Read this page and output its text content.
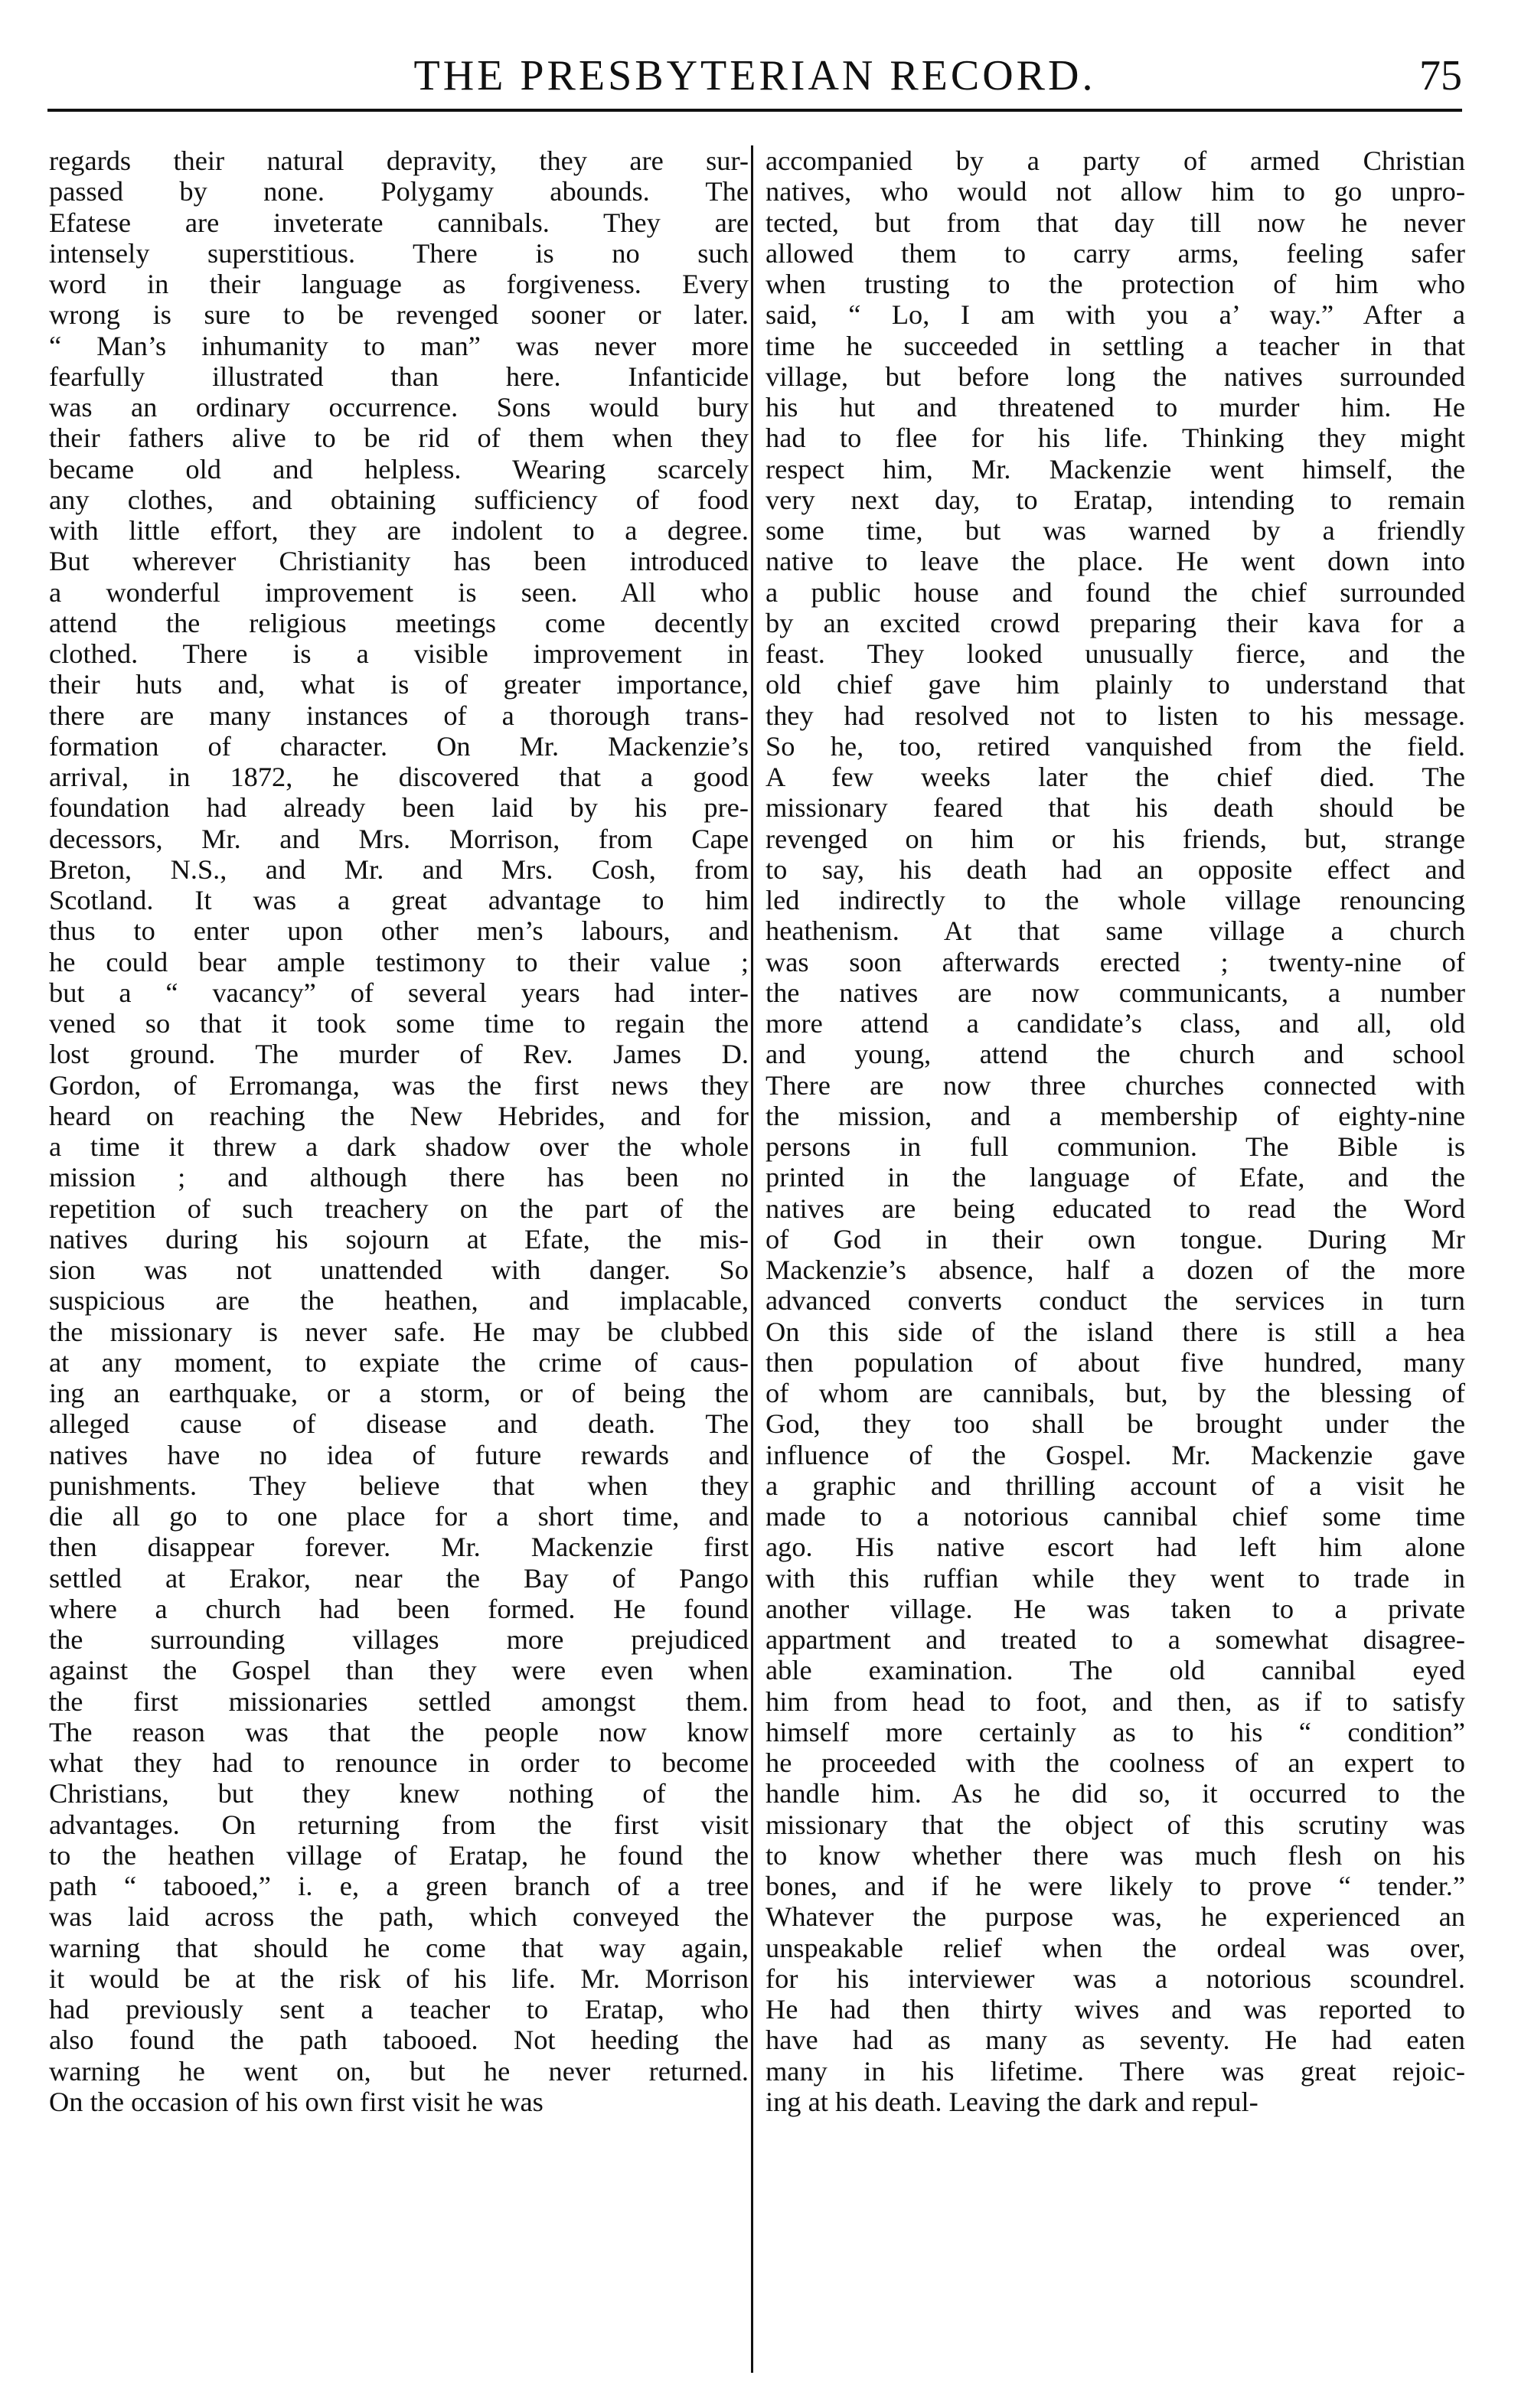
THE PRESBYTERIAN RECORD.	75
regards their natural depravity, they are sur-
passed by none. Polygamy abounds. The
Efatese are inveterate cannibals. They are
intensely superstitious. There is no such
word in their language as forgiveness. Every
wrong is sure to be revenged sooner or later.
“ Man’s inhumanity to man” was never more
fearfully illustrated than here. Infanticide
was an ordinary occurrence. Sons would bury
their fathers alive to be rid of them when they
became old and helpless. Wearing scarcely
any clothes, and obtaining sufficiency of food
with little effort, they are indolent to a degree.
But wherever Christianity has been introduced
a wonderful improvement is seen. All who
attend the religious meetings come decently
clothed. There is a visible improvement in
their huts and, what is of greater importance,
there are many instances of a thorough trans-
formation of character. On Mr. Mackenzie’s
arrival, in 1872, he discovered that a good
foundation had already been laid by his pre-
decessors, Mr. and Mrs. Morrison, from Cape
Breton, N.S., and Mr. and Mrs. Cosh, from
Scotland. It was a great advantage to him
thus to enter upon other men’s labours, and
he could bear ample testimony to their value ;
but a “ vacancy” of several years had inter-
vened so that it took some time to regain the
lost ground. The murder of Rev. James D.
Gordon, of Erromanga, was the first news they
heard on reaching the New Hebrides, and for
a time it threw a dark shadow over the whole
mission ; and although there has been no
repetition of such treachery on the part of the
natives during his sojourn at Efate, the mis-
sion was not unattended with danger. So
suspicious are the heathen, and implacable,
the missionary is never safe. He may be clubbed
at any moment, to expiate the crime of caus-
ing an earthquake, or a storm, or of being the
alleged cause of disease and death. The
natives have no idea of future rewards and
punishments. They believe that when they
die all go to one place for a short time, and
then disappear forever. Mr. Mackenzie first
settled at Erakor, near the Bay of Pango
where a church had been formed. He found
the surrounding villages more prejudiced
against the Gospel than they were even when
the first missionaries settled amongst them.
The reason was that the people now know
what they had to renounce in order to become
Christians, but they knew nothing of the
advantages. On returning from the first visit
to the heathen village of Eratap, he found the
path “ tabooed,” i. e, a green branch of a tree
was laid across the path, which conveyed the
warning that should he come that way again,
it would be at the risk of his life. Mr. Morrison
had previously sent a teacher to Eratap, who
also found the path tabooed. Not heeding the
warning he went on, but he never returned.
On the occasion of his own first visit he was
accompanied by a party of armed Christian
natives, who would not allow him to go unpro-
tected, but from that day till now he never
allowed them to carry arms, feeling safer
when trusting to the protection of him who
said, “ Lo, I am with you a’ way.” After a
time he succeeded in settling a teacher in that
village, but before long the natives surrounded
his hut and threatened to murder him. He
had to flee for his life. Thinking they might
respect him, Mr. Mackenzie went himself, the
very next day, to Eratap, intending to remain
some time, but was warned by a friendly
native to leave the place. He went down into
a public house and found the chief surrounded
by an excited crowd preparing their kava for a
feast. They looked unusually fierce, and the
old chief gave him plainly to understand that
they had resolved not to listen to his message.
So he, too, retired vanquished from the field.
A few weeks later the chief died. The
missionary feared that his death should be
revenged on him or his friends, but, strange
to say, his death had an opposite effect and
led indirectly to the whole village renouncing
heathenism. At that same village a church
was soon afterwards erected ; twenty-nine of
the natives are now communicants, a number
more attend a candidate’s class, and all, old
and young, attend the church and school
There are now three churches connected with
the mission, and a membership of eighty-nine
persons in full communion. The Bible is
printed in the language of Efate, and the
natives are being educated to read the Word
of God in their own tongue. During Mr
Mackenzie’s absence, half a dozen of the more
advanced converts conduct the services in turn
On this side of the island there is still a hea
then population of about five hundred, many
of whom are cannibals, but, by the blessing of
God, they too shall be brought under the
influence of the Gospel. Mr. Mackenzie gave
a graphic and thrilling account of a visit he
made to a notorious cannibal chief some time
ago. His native escort had left him alone
with this ruffian while they went to trade in
another village. He was taken to a private
appartment and treated to a somewhat disagree-
able examination. The old cannibal eyed
him from head to foot, and then, as if to satisfy
himself more certainly as to his “ condition”
he proceeded with the coolness of an expert to
handle him. As he did so, it occurred to the
missionary that the object of this scrutiny was
to know whether there was much flesh on his
bones, and if he were likely to prove “ tender.”
Whatever the purpose was, he experienced an
unspeakable relief when the ordeal was over,
for his interviewer was a notorious scoundrel.
He had then thirty wives and was reported to
have had as many as seventy. He had eaten
many in his lifetime. There was great rejoic-
ing at his death. Leaving the dark and repul-
